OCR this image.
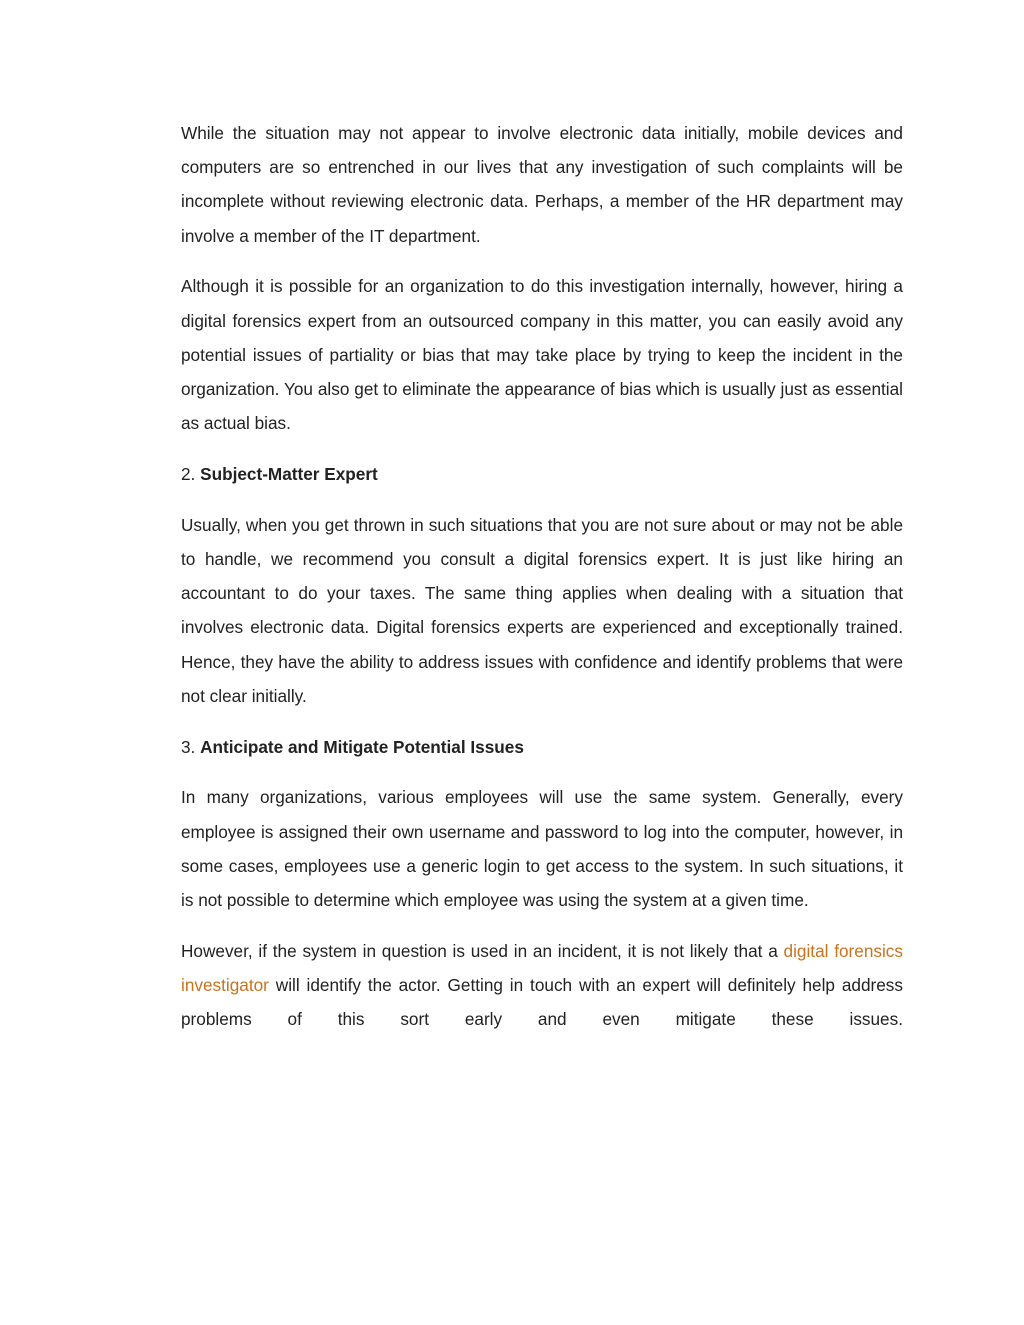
While the situation may not appear to involve electronic data initially, mobile devices and computers are so entrenched in our lives that any investigation of such complaints will be incomplete without reviewing electronic data. Perhaps, a member of the HR department may involve a member of the IT department.

Although it is possible for an organization to do this investigation internally, however, hiring a digital forensics expert from an outsourced company in this matter, you can easily avoid any potential issues of partiality or bias that may take place by trying to keep the incident in the organization. You also get to eliminate the appearance of bias which is usually just as essential as actual bias.

2. Subject-Matter Expert

Usually, when you get thrown in such situations that you are not sure about or may not be able to handle, we recommend you consult a digital forensics expert. It is just like hiring an accountant to do your taxes. The same thing applies when dealing with a situation that involves electronic data. Digital forensics experts are experienced and exceptionally trained. Hence, they have the ability to address issues with confidence and identify problems that were not clear initially.

3. Anticipate and Mitigate Potential Issues

In many organizations, various employees will use the same system. Generally, every employee is assigned their own username and password to log into the computer, however, in some cases, employees use a generic login to get access to the system. In such situations, it is not possible to determine which employee was using the system at a given time.

However, if the system in question is used in an incident, it is not likely that a digital forensics investigator will identify the actor. Getting in touch with an expert will definitely help address problems of this sort early and even mitigate these issues.
